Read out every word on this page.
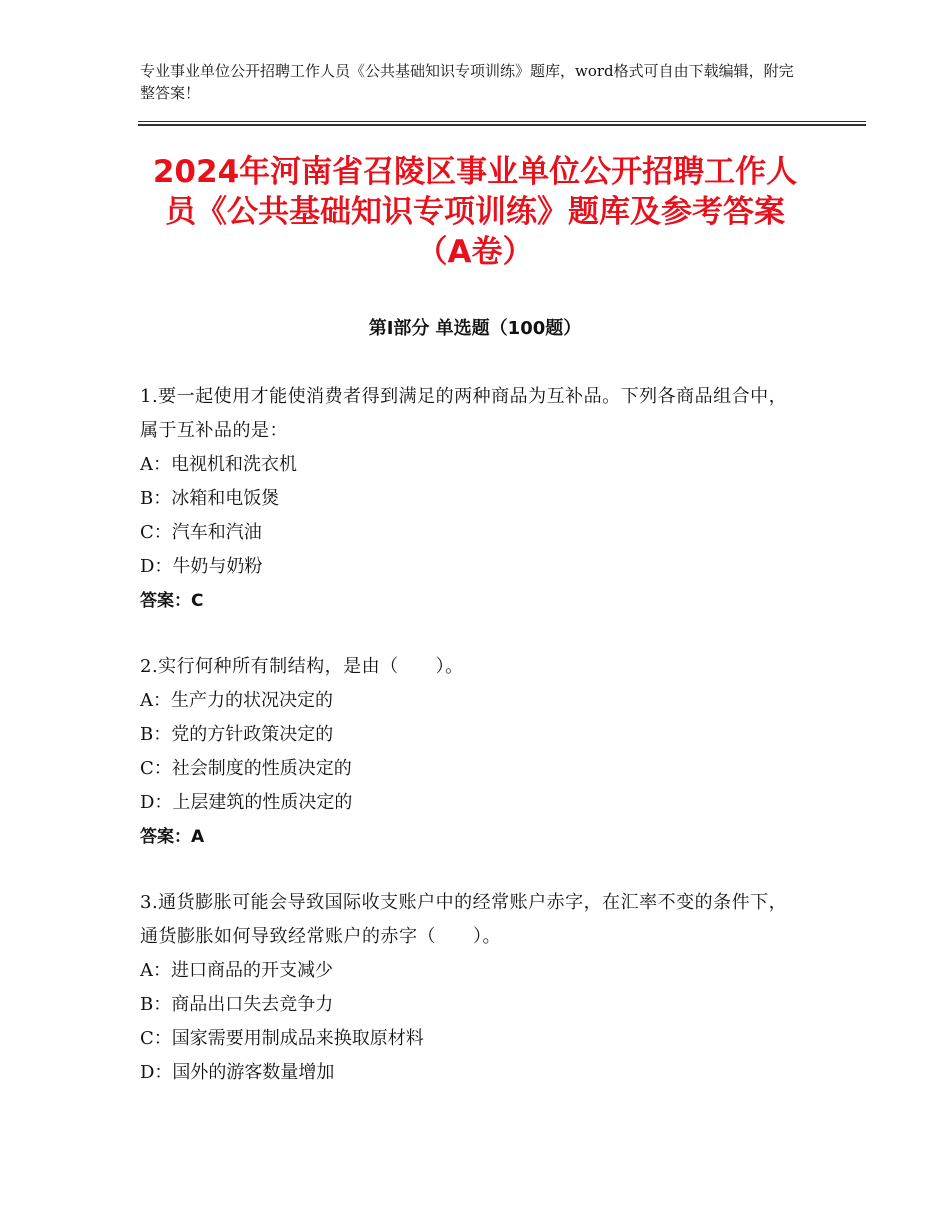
专业事业单位公开招聘工作人员《公共基础知识专项训练》题库，word格式可自由下载编辑，附完整答案！
2024年河南省召陵区事业单位公开招聘工作人员《公共基础知识专项训练》题库及参考答案（A卷）
第Ⅰ部分 单选题（100题）

1.要一起使用才能使消费者得到满足的两种商品为互补品。下列各商品组合中，属于互补品的是：

A：电视机和洗衣机

B：冰箱和电饭煲

C：汽车和汽油

D：牛奶与奶粉

答案：C

2.实行何种所有制结构，是由（　　）。

A：生产力的状况决定的

B：党的方针政策决定的

C：社会制度的性质决定的

D：上层建筑的性质决定的

答案：A

3.通货膨胀可能会导致国际收支账户中的经常账户赤字，在汇率不变的条件下，通货膨胀如何导致经常账户的赤字（　　）。

A：进口商品的开支减少

B：商品出口失去竞争力

C：国家需要用制成品来换取原材料

D：国外的游客数量增加
